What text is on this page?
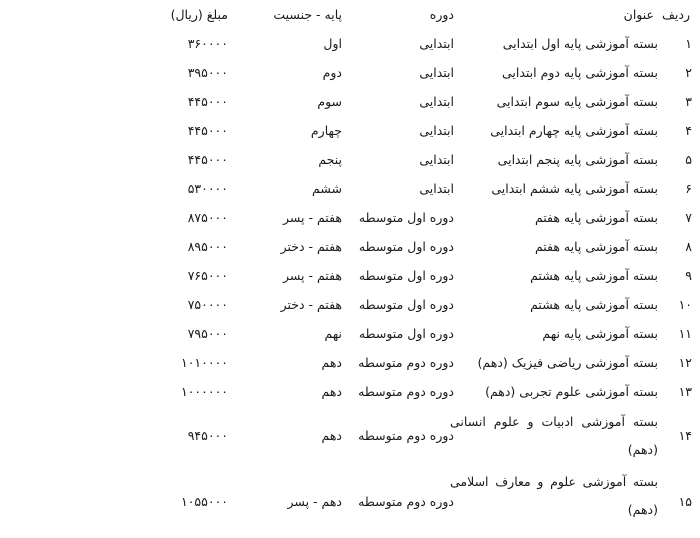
ردیف
عنوان
دوره
پایه - جنسیت
مبلغ (ریال)
۱
بسته آموزشی پایه اول ابتدایی
ابتدایی
اول
۳۶۰۰۰۰
۲
بسته آموزشی پایه دوم ابتدایی
ابتدایی
دوم
۳۹۵۰۰۰
۳
بسته آموزشی پایه سوم ابتدایی
ابتدایی
سوم
۴۴۵۰۰۰
۴
بسته آموزشی پایه چهارم ابتدایی
ابتدایی
چهارم
۴۴۵۰۰۰
۵
بسته آموزشی پایه پنجم ابتدایی
ابتدایی
پنجم
۴۴۵۰۰۰
۶
بسته آموزشی پایه ششم ابتدایی
ابتدایی
ششم
۵۳۰۰۰۰
۷
بسته آموزشی پایه هفتم
دوره اول متوسطه
هفتم - پسر
۸۷۵۰۰۰
۸
بسته آموزشی پایه هفتم
دوره اول متوسطه
هفتم - دختر
۸۹۵۰۰۰
۹
بسته آموزشی پایه هشتم
دوره اول متوسطه
هفتم - پسر
۷۶۵۰۰۰
۱۰
بسته آموزشی پایه هشتم
دوره اول متوسطه
هفتم - دختر
۷۵۰۰۰۰
۱۱
بسته آموزشی پایه نهم
دوره اول متوسطه
نهم
۷۹۵۰۰۰
۱۲
بسته آموزشی ریاضی فیزیک (دهم)
دوره دوم متوسطه
دهم
۱۰۱۰۰۰۰
۱۳
بسته آموزشی علوم تجربی (دهم)
دوره دوم متوسطه
دهم
۱۰۰۰۰۰۰
۱۴
بسته آموزشی ادبیات و علوم انسانی (دهم)
دوره دوم متوسطه
دهم
۹۴۵۰۰۰
۱۵
بسته آموزشی علوم و معارف اسلامی (دهم)
دوره دوم متوسطه
دهم - پسر
۱۰۵۵۰۰۰
